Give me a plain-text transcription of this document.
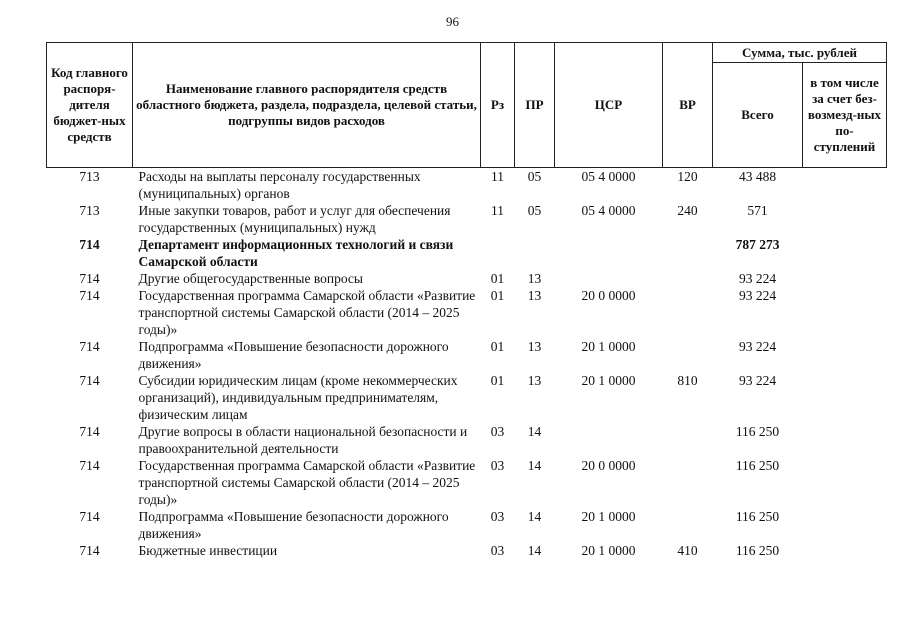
96
Код главного распоря-дителя бюджет-ных средств	Наименование главного распорядителя средств областного бюджета, раздела, подраздела, целевой статьи, подгруппы видов расходов	Рз	ПР	ЦСР	ВР	Сумма, тыс. рублей	
						Всего	в том числе за счет без-возмезд-ных по-ступлений
713	Расходы на выплаты персоналу государственных (муниципальных) органов	11	05	05 4 0000	120	43 488	
713	Иные закупки товаров, работ и услуг для обеспечения государственных (муниципальных) нужд	11	05	05 4 0000	240	571	
714	Департамент информационных технологий и связи Самарской области					787 273	
714	Другие общегосударственные вопросы	01	13			93 224	
714	Государственная программа Самарской области «Развитие транспортной системы Самарской области (2014 – 2025 годы)»	01	13	20 0 0000		93 224	
714	Подпрограмма «Повышение безопасности дорожного движения»	01	13	20 1 0000		93 224	
714	Субсидии юридическим лицам (кроме некоммерческих организаций), индивидуальным предпринимателям, физическим лицам	01	13	20 1 0000	810	93 224	
714	Другие вопросы в области национальной безопасности и правоохранительной деятельности	03	14			116 250	
714	Государственная программа Самарской области «Развитие транспортной системы Самарской области (2014 – 2025 годы)»	03	14	20 0 0000		116 250	
714	Подпрограмма «Повышение безопасности дорожного движения»	03	14	20 1 0000		116 250	
714	Бюджетные инвестиции	03	14	20 1 0000	410	116 250	
